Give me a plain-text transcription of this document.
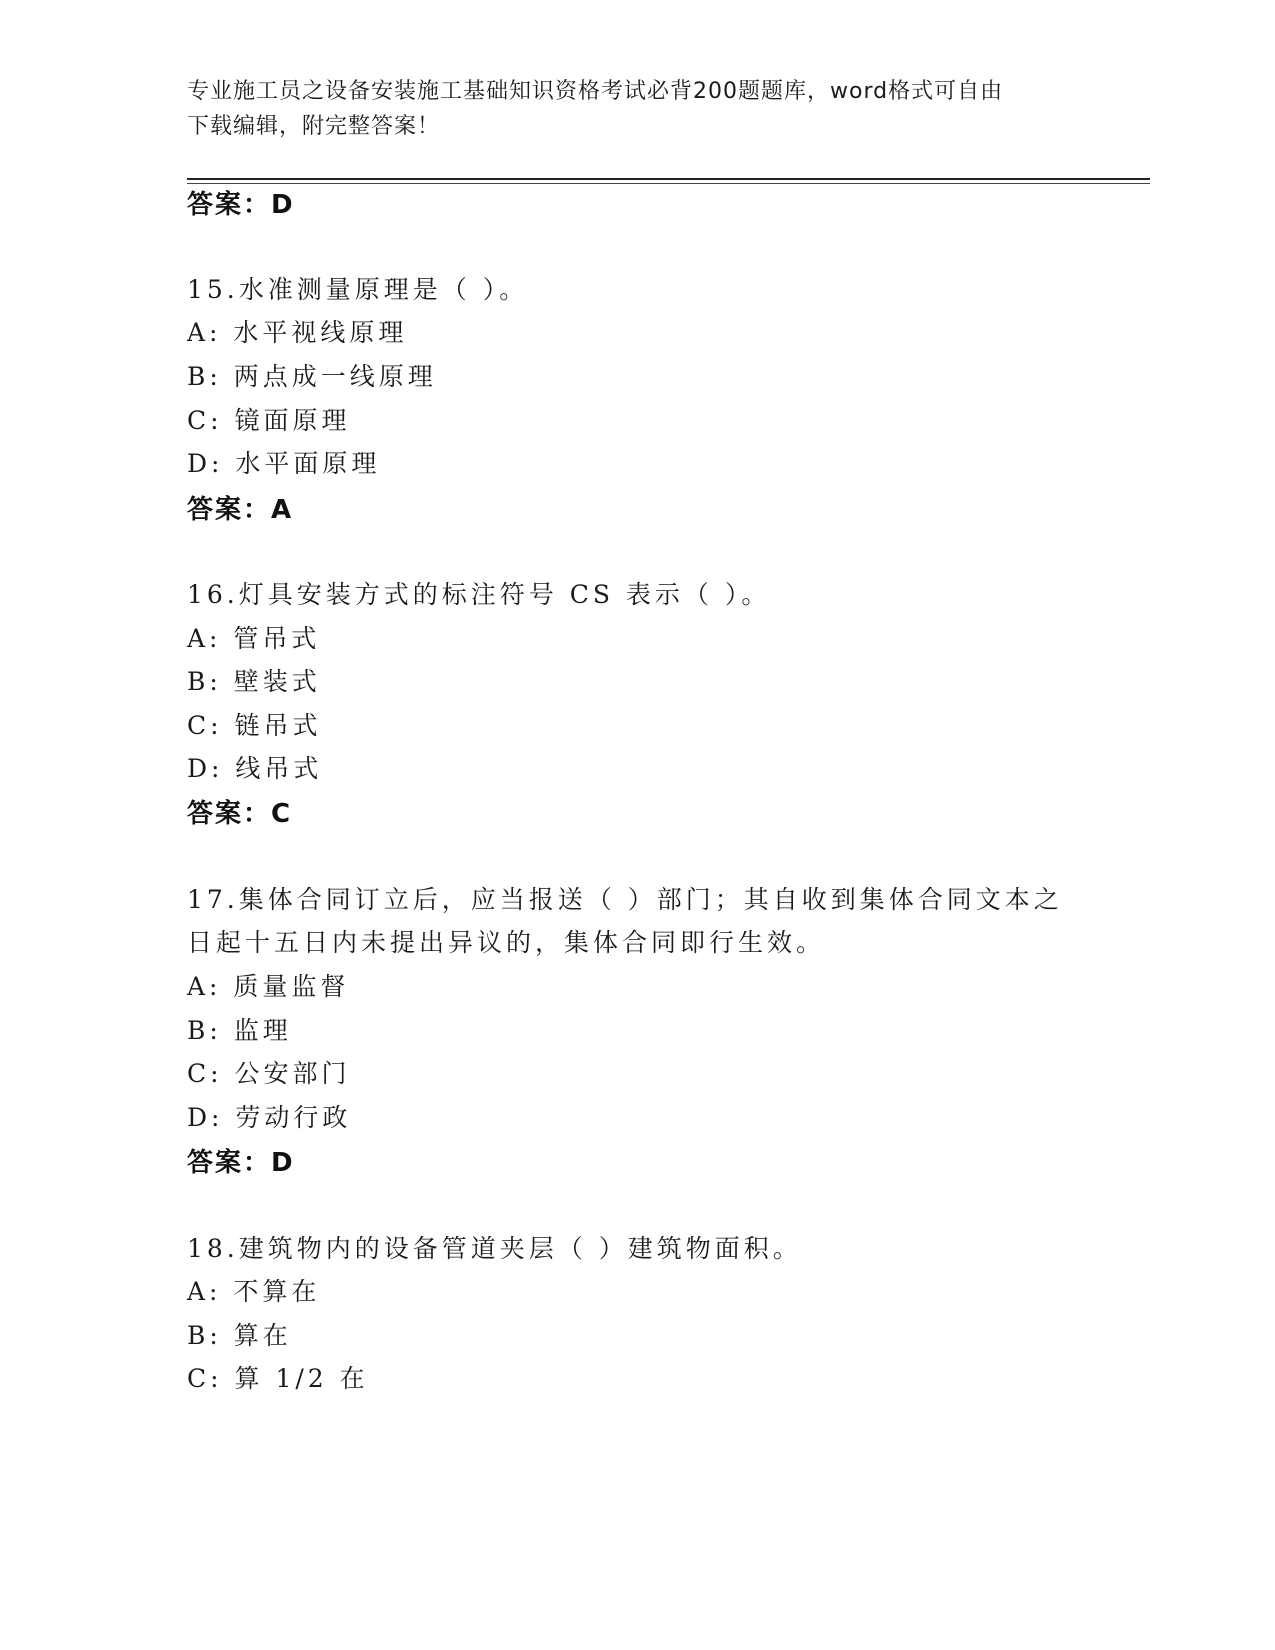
专业施工员之设备安装施工基础知识资格考试必背200题题库，word格式可自由
下载编辑，附完整答案！
答案：D
15.水准测量原理是（ ）。
A: 水平视线原理
B: 两点成一线原理
C: 镜面原理
D: 水平面原理
答案：A
16.灯具安装方式的标注符号 CS 表示（ ）。
A: 管吊式
B: 壁装式
C: 链吊式
D: 线吊式
答案：C
17.集体合同订立后，应当报送（ ）部门；其自收到集体合同文本之
日起十五日内未提出异议的，集体合同即行生效。
A: 质量监督
B: 监理
C: 公安部门
D: 劳动行政
答案：D
18.建筑物内的设备管道夹层（ ）建筑物面积。
A: 不算在
B: 算在
C: 算 1/2 在
